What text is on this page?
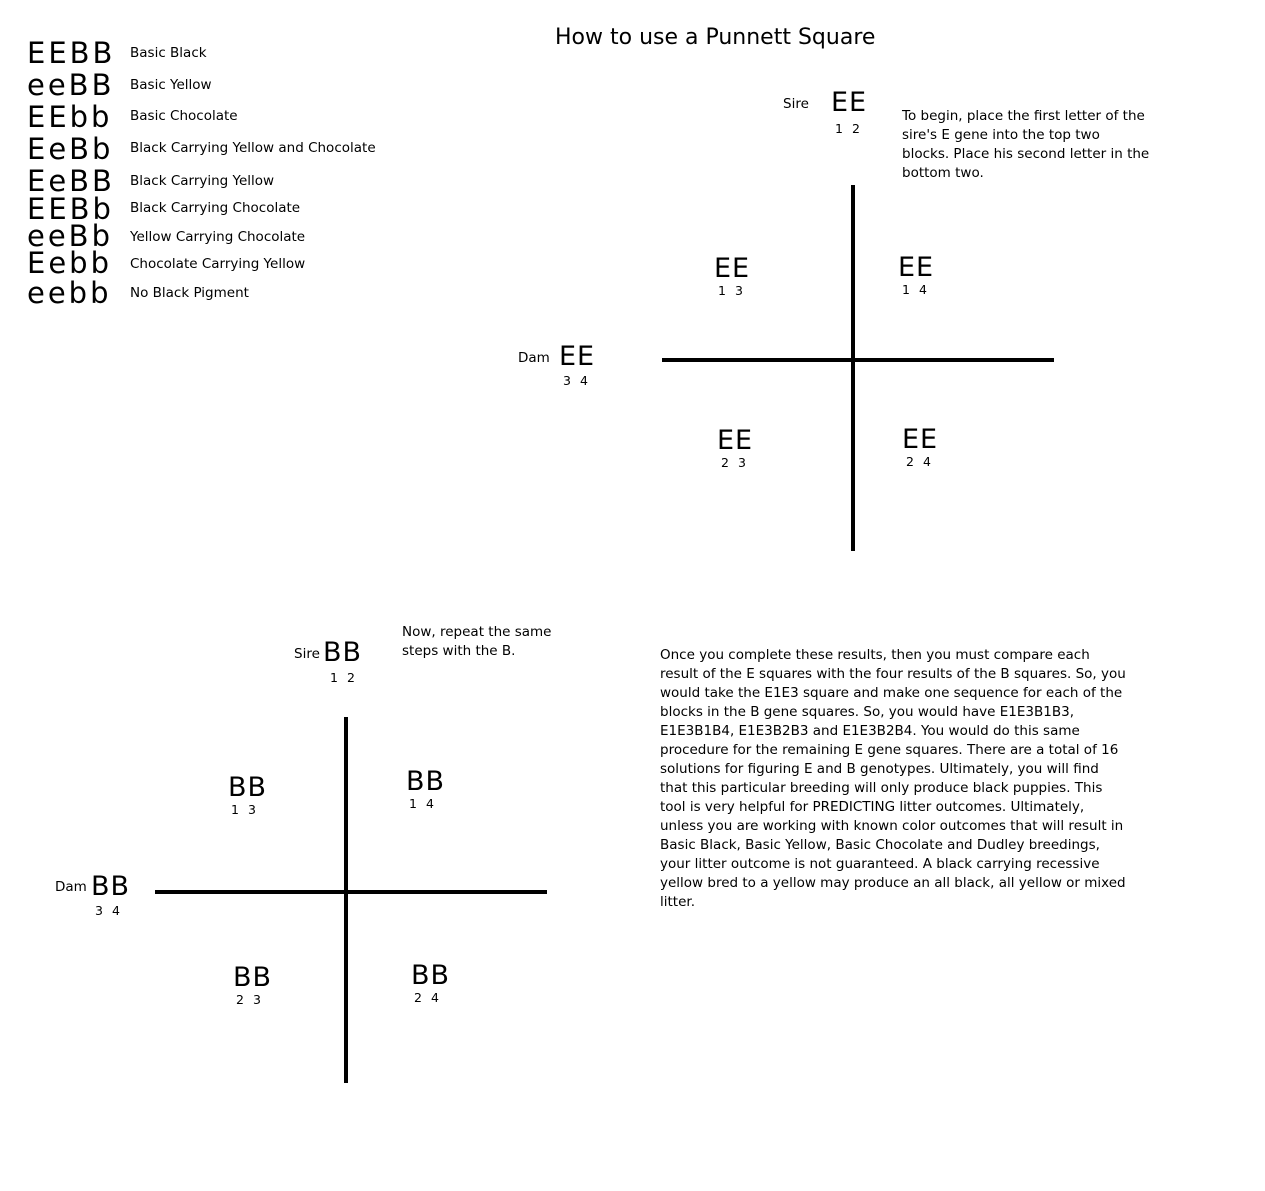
How to use a Punnett Square
EEBB Basic Black
eeBB Basic Yellow
EEbb Basic Chocolate
EeBb Black Carrying Yellow and Chocolate
EeBB Black Carrying Yellow
EEBb Black Carrying Chocolate
eeBb Yellow Carrying Chocolate
Eebb Chocolate Carrying Yellow
eebb No Black Pigment
Sire EE
12
To begin, place the first letter of the
sire's E gene into the top two
blocks. Place his second letter in the
bottom two.
Dam EE
34
EE
13
EE
14
EE
23
EE
24
Sire BB
12
Now, repeat the same
steps with the B.
Dam BB
34
BB
13
BB
14
BB
23
BB
24
Once you complete these results, then you must compare each
result of the E squares with the four results of the B squares. So, you
would take the E1E3 square and make one sequence for each of the
blocks in the B gene squares. So, you would have E1E3B1B3,
E1E3B1B4, E1E3B2B3 and E1E3B2B4. You would do this same
procedure for the remaining E gene squares. There are a total of 16
solutions for figuring E and B genotypes. Ultimately, you will find
that this particular breeding will only produce black puppies. This
tool is very helpful for PREDICTING litter outcomes. Ultimately,
unless you are working with known color outcomes that will result in
Basic Black, Basic Yellow, Basic Chocolate and Dudley breedings,
your litter outcome is not guaranteed. A black carrying recessive
yellow bred to a yellow may produce an all black, all yellow or mixed
litter.
